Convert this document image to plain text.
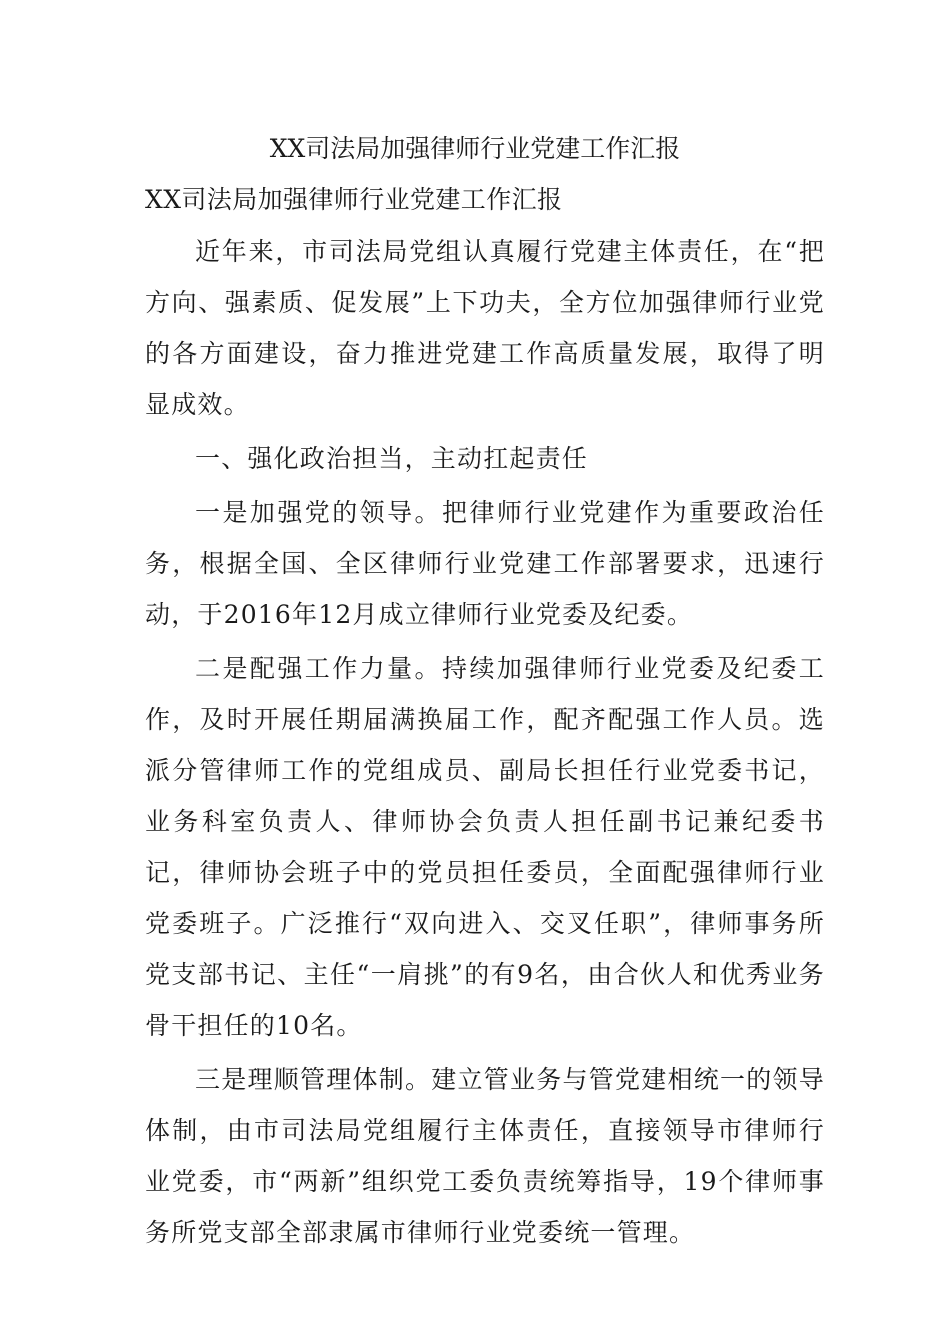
XX司法局加强律师行业党建工作汇报

XX司法局加强律师行业党建工作汇报

近年来，市司法局党组认真履行党建主体责任，在“把方向、强素质、促发展”上下功夫，全方位加强律师行业党的各方面建设，奋力推进党建工作高质量发展，取得了明显成效。

一、强化政治担当，主动扛起责任

一是加强党的领导。把律师行业党建作为重要政治任务，根据全国、全区律师行业党建工作部署要求，迅速行动，于2016年12月成立律师行业党委及纪委。

二是配强工作力量。持续加强律师行业党委及纪委工作，及时开展任期届满换届工作，配齐配强工作人员。选派分管律师工作的党组成员、副局长担任行业党委书记，业务科室负责人、律师协会负责人担任副书记兼纪委书记，律师协会班子中的党员担任委员，全面配强律师行业党委班子。广泛推行“双向进入、交叉任职”，律师事务所党支部书记、主任“一肩挑”的有9名，由合伙人和优秀业务骨干担任的10名。

三是理顺管理体制。建立管业务与管党建相统一的领导体制，由市司法局党组履行主体责任，直接领导市律师行业党委，市“两新”组织党工委负责统筹指导，19个律师事务所党支部全部隶属市律师行业党委统一管理。
